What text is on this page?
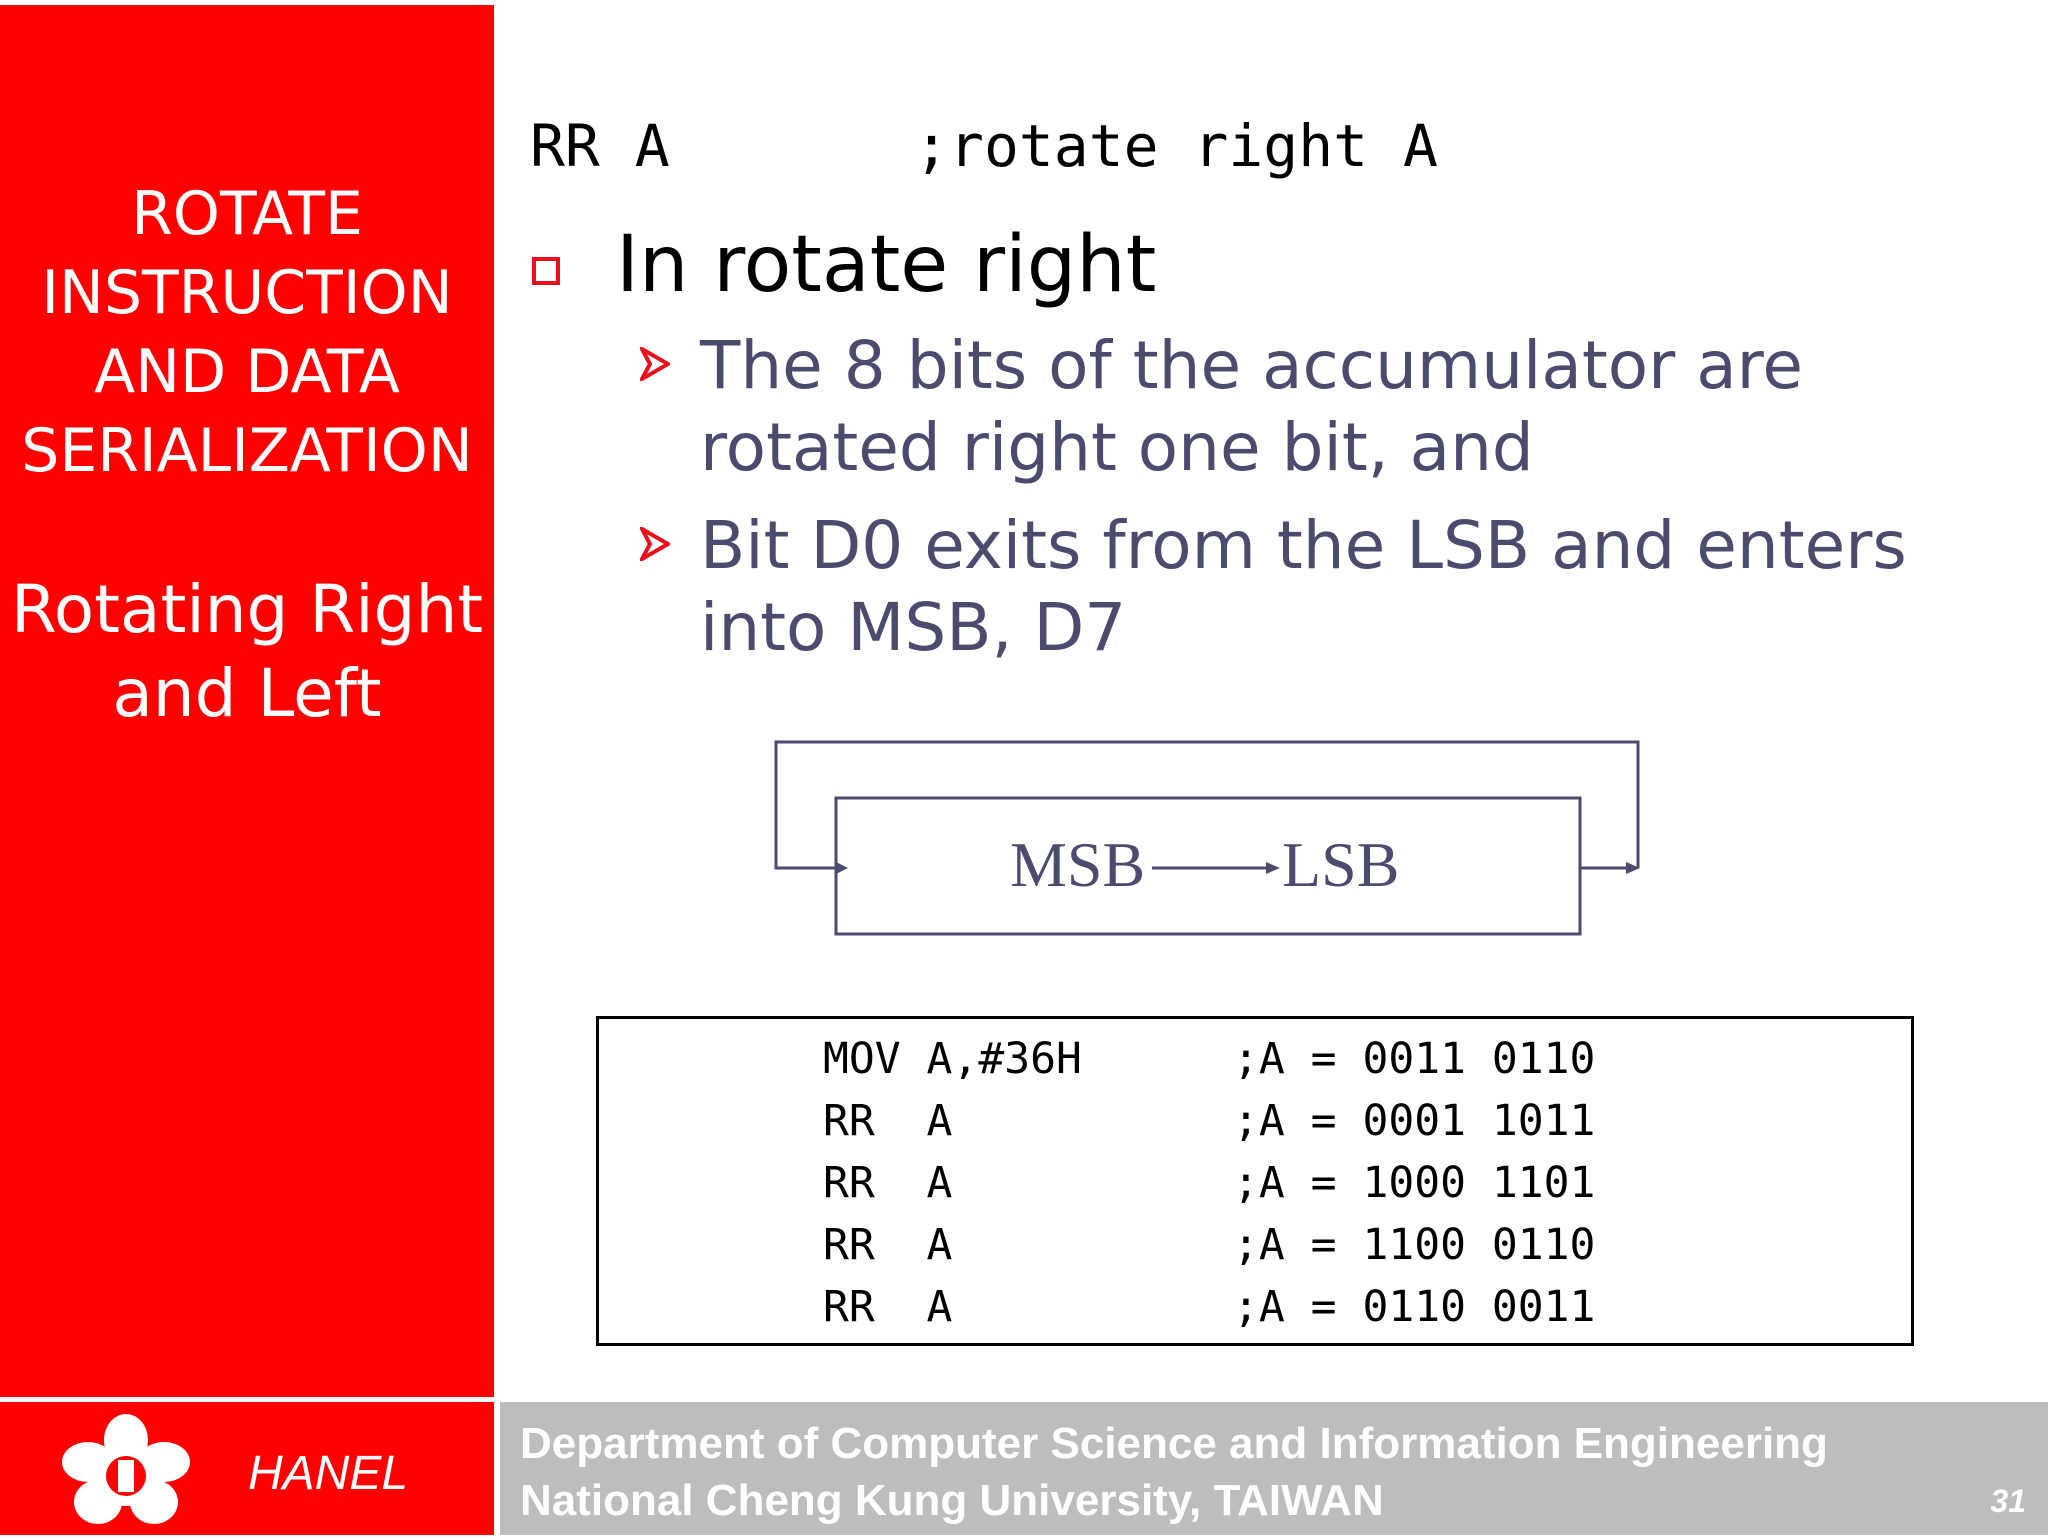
ROTATE
INSTRUCTION
AND DATA
SERIALIZATION
Rotating Right
and Left
RR A       ;rotate right A
In rotate right
The 8 bits of the accumulator are rotated right one bit, and
Bit D0 exits from the LSB and enters into MSB, D7
MSB LSB
MOV A,#36H	;A = 0011 0110
RR  A	;A = 0001 1011
RR  A	;A = 1000 1101
RR  A	;A = 1100 0110
RR  A	;A = 0110 0011
HANEL
Department of Computer Science and Information Engineering
National Cheng Kung University, TAIWAN	31
